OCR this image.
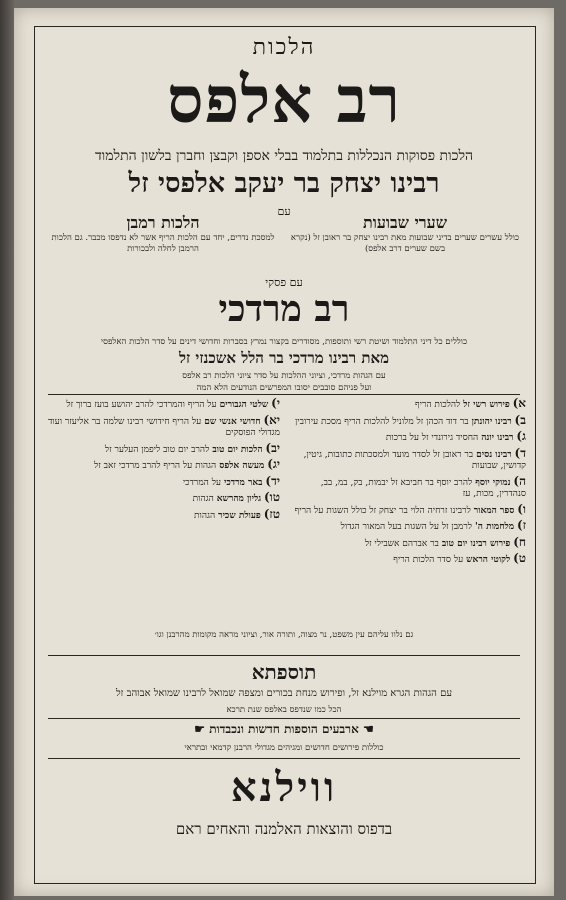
הלכות
רב אלפס
הלכות פסוקות הנכללות בתלמוד בבלי אספן וקבצן וחברן בלשון התלמוד
רבינו יצחק בר יעקב אלפסי זל
עם
שערי שבועות
כולל עשרים שערים בדיני שבועות מאת רבינו יצחק בר ראובן זל (נקרא בשם שערים דרב אלפס)
הלכות רמבן
למסכת נדרים, יחד עם הלכות הריף אשר לא נדפסו מכבר. גם הלכות הרמבן לחלה ולבכורות
עם פסקי
רב מרדכי
כוללים כל דיני התלמוד ושיטת רשי ותוספות, מסודרים בקצור נמרץ בסברות וחדושי דינים על סדר הלכות האלפסי
מאת רבינו מרדכי בר הלל אשכנזי זל
עם הגהות מרדכי, וציוני ההלכות על סדר ציוני הלכות רב אלפס
ועל פניהם סובבים יסובו המפרשים הנודעים הלא המה
א) פירוש רשי זללהלכות הריף
ב) רבינו יהונתןבר דוד הכהן זל מלוניל להלכות הריף מסכת עירובין
ג) רבינו יונההחסיד גירונדי זל על ברכות
ד) רבינו נסיםבר ראובן זל לסדר מועד ולמסכתות כתובות, גיטין, קדושין, שבועות
ה) נמוקי יוסףלהרב יוסף בר חביבא זל יבמות, בק, במ, בב, סנהדרין, מכות, עז
ו) ספר המאורלרבינו זרחיה הלוי בר יצחק זל כולל השגות על הריף
ז) מלחמות ה'לרמבן זל על השגות בעל המאור הגדול
ח) פירוש רבינו יום טובבר אברהם אשבילי זל
ט) לקוטי הראשעל סדר הלכות הריף
י) שלטי הגבוריםעל הריף והמרדכי להרב יהושע בועז ברוך זל
יא) חדושי אנשי שםעל הריף חידושי רבינו שלמה בר אליעזר ועוד מגדולי הפוסקים
יב) הלכות יום טובלהרב יום טוב ליפמן העלער זל
יג) מעשה אלפסהגהות על הריף להרב מרדכי זאב זל
יד) באר מרדכיעל המרדכי
טו) גליון מהרשאהגהות
טז) פעולת שכירהגהות
גם נלוו עליהם עין משפט, נר מצוה, ותורה אור, וציוני מראה מקומות מהרבנן וגו׳
תוספתא
עם הגהות הגרא מוילנא זל, ופירוש מנחת בכורים ומצפה שמואל לרבינו שמואל אבוהב זל
הכל כמו שנדפס באלפס שנת תרכא
☚ ארבעים הוספות חדשות ונכבדות ☛
כוללות פירושים חדושים ומגיהים מגדולי הרבנן קדמאי ובתראי
ווילנא
בדפוס והוצאות האלמנה והאחים ראם
